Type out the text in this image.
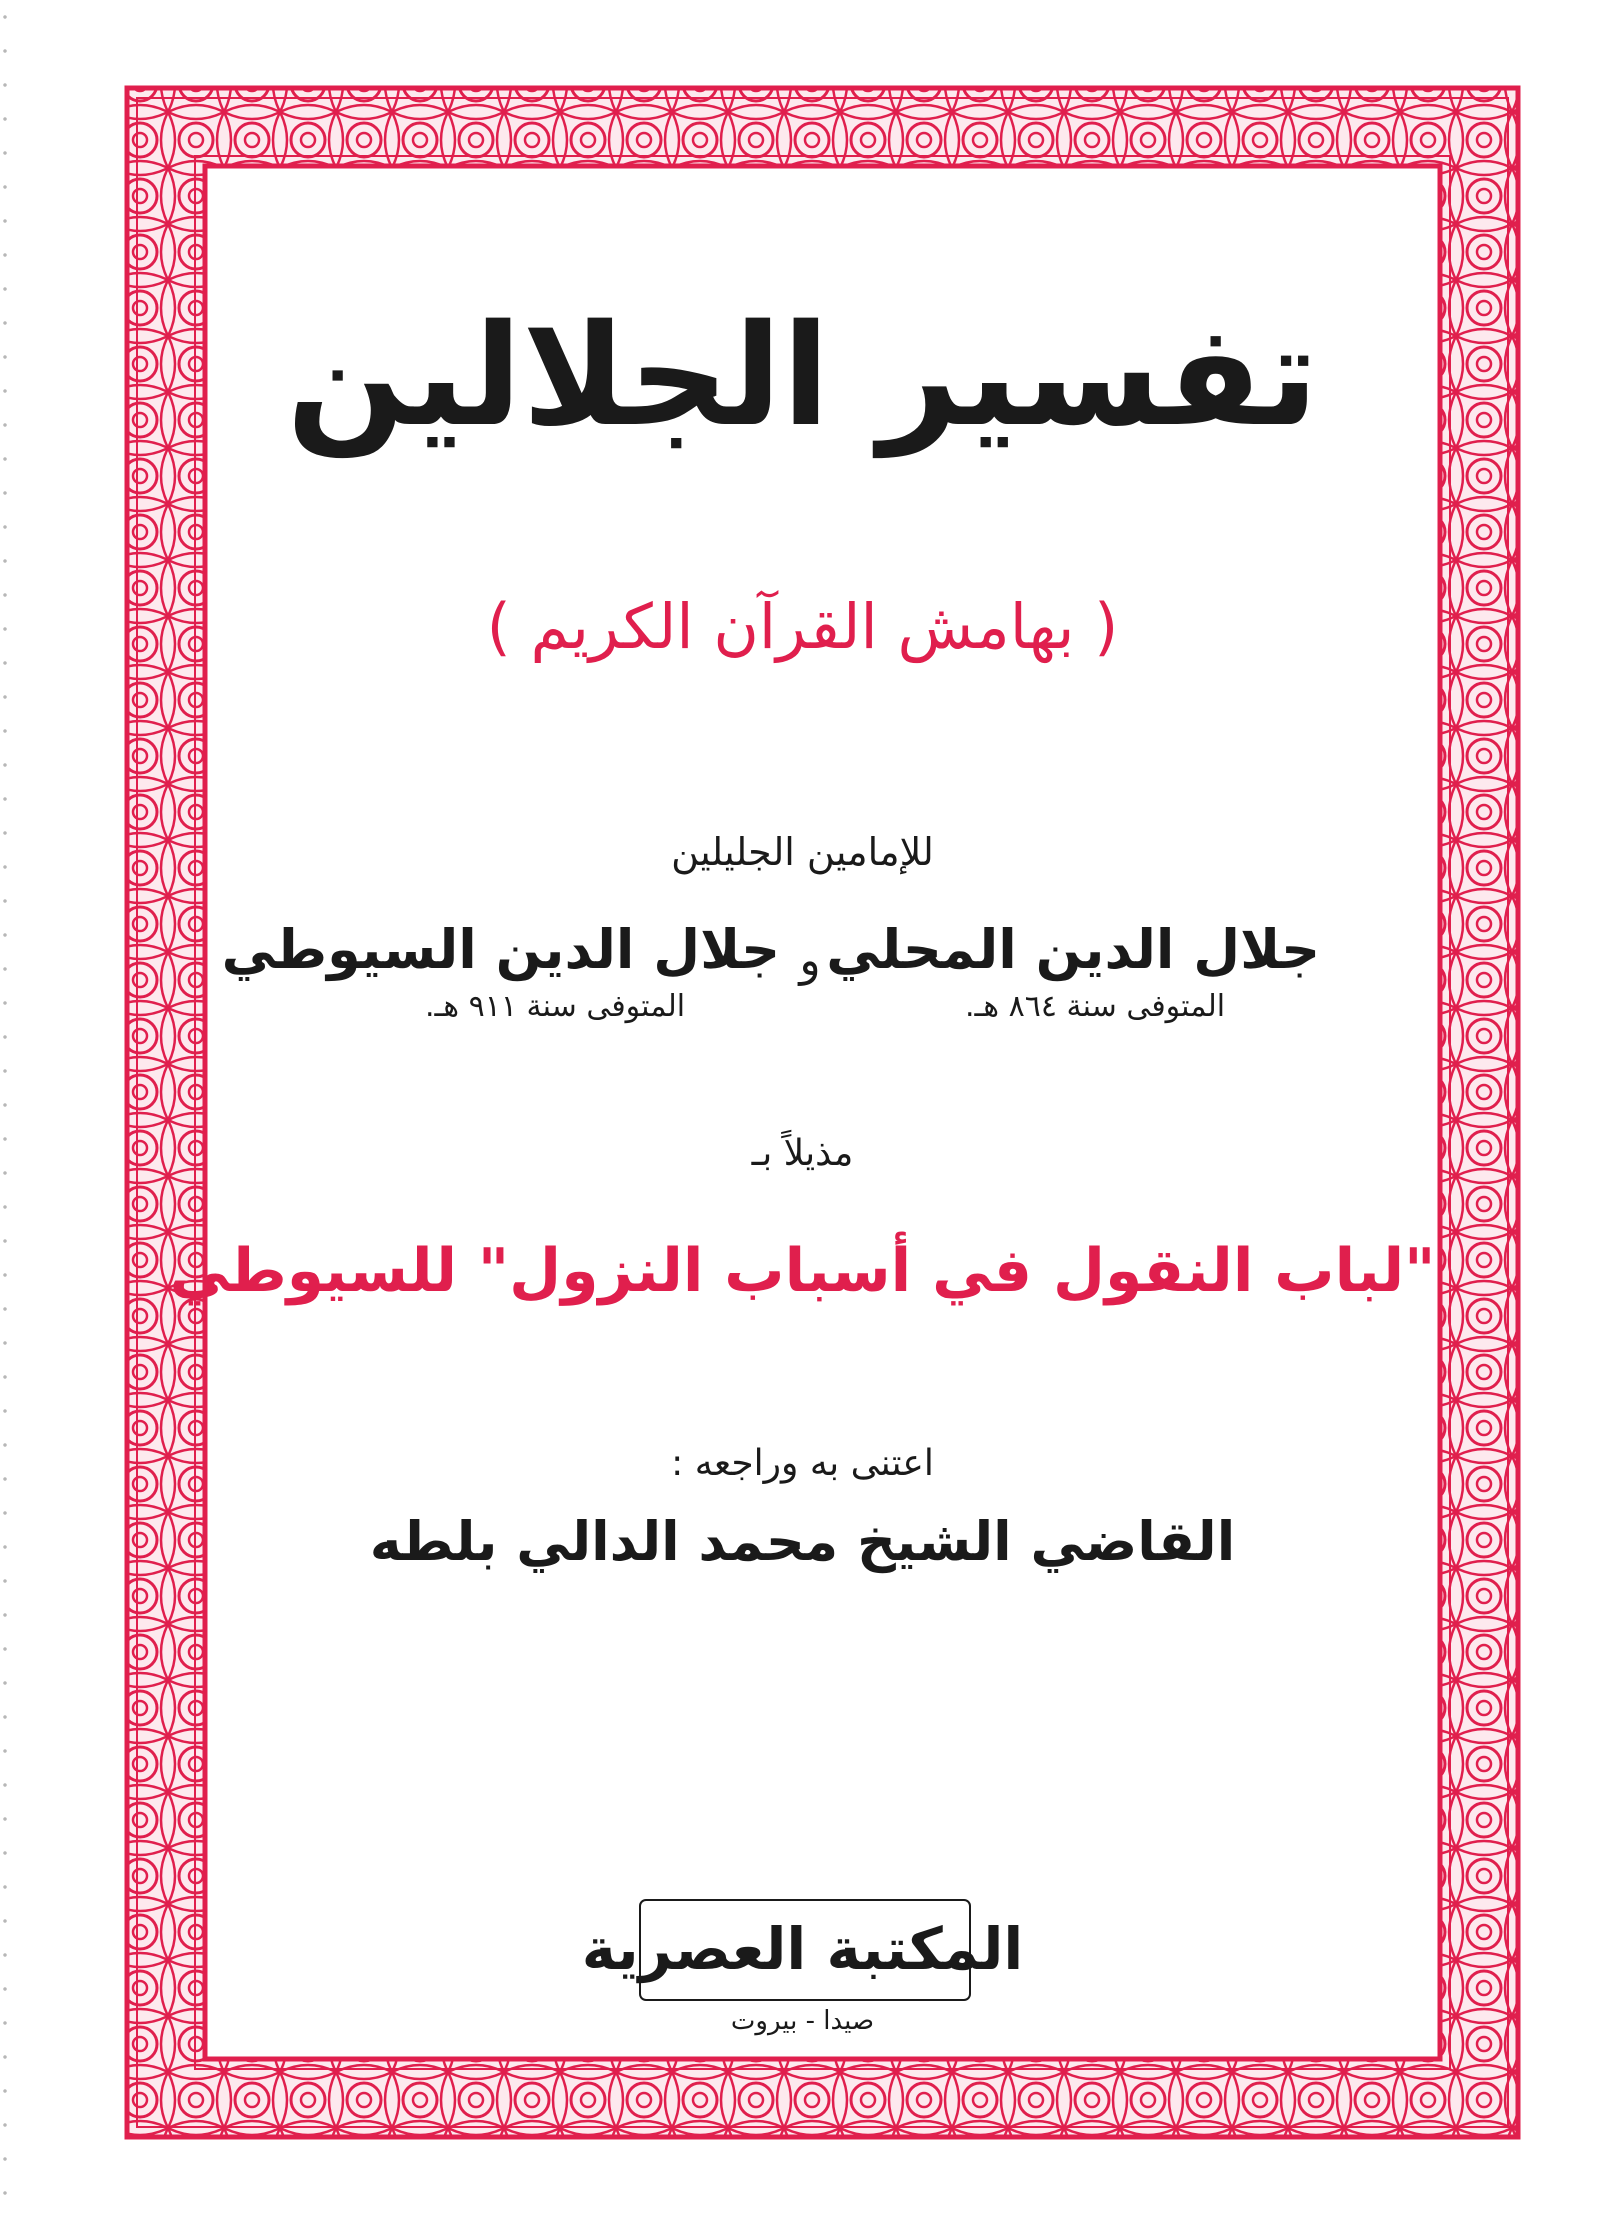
تفسير الجلالين
( بهامش القرآن الكريم )
للإمامين الجليلين
جلال الدين المحلي
المتوفى سنة ٨٦٤ هـ.
و
جلال الدين السيوطي
المتوفى سنة ٩١١ هـ.
مذيلاً بـ
"لباب النقول في أسباب النزول" للسيوطي
اعتنى به وراجعه :
القاضي الشيخ محمد الدالي بلطه
المكتبة العصرية
صيدا - بيروت
